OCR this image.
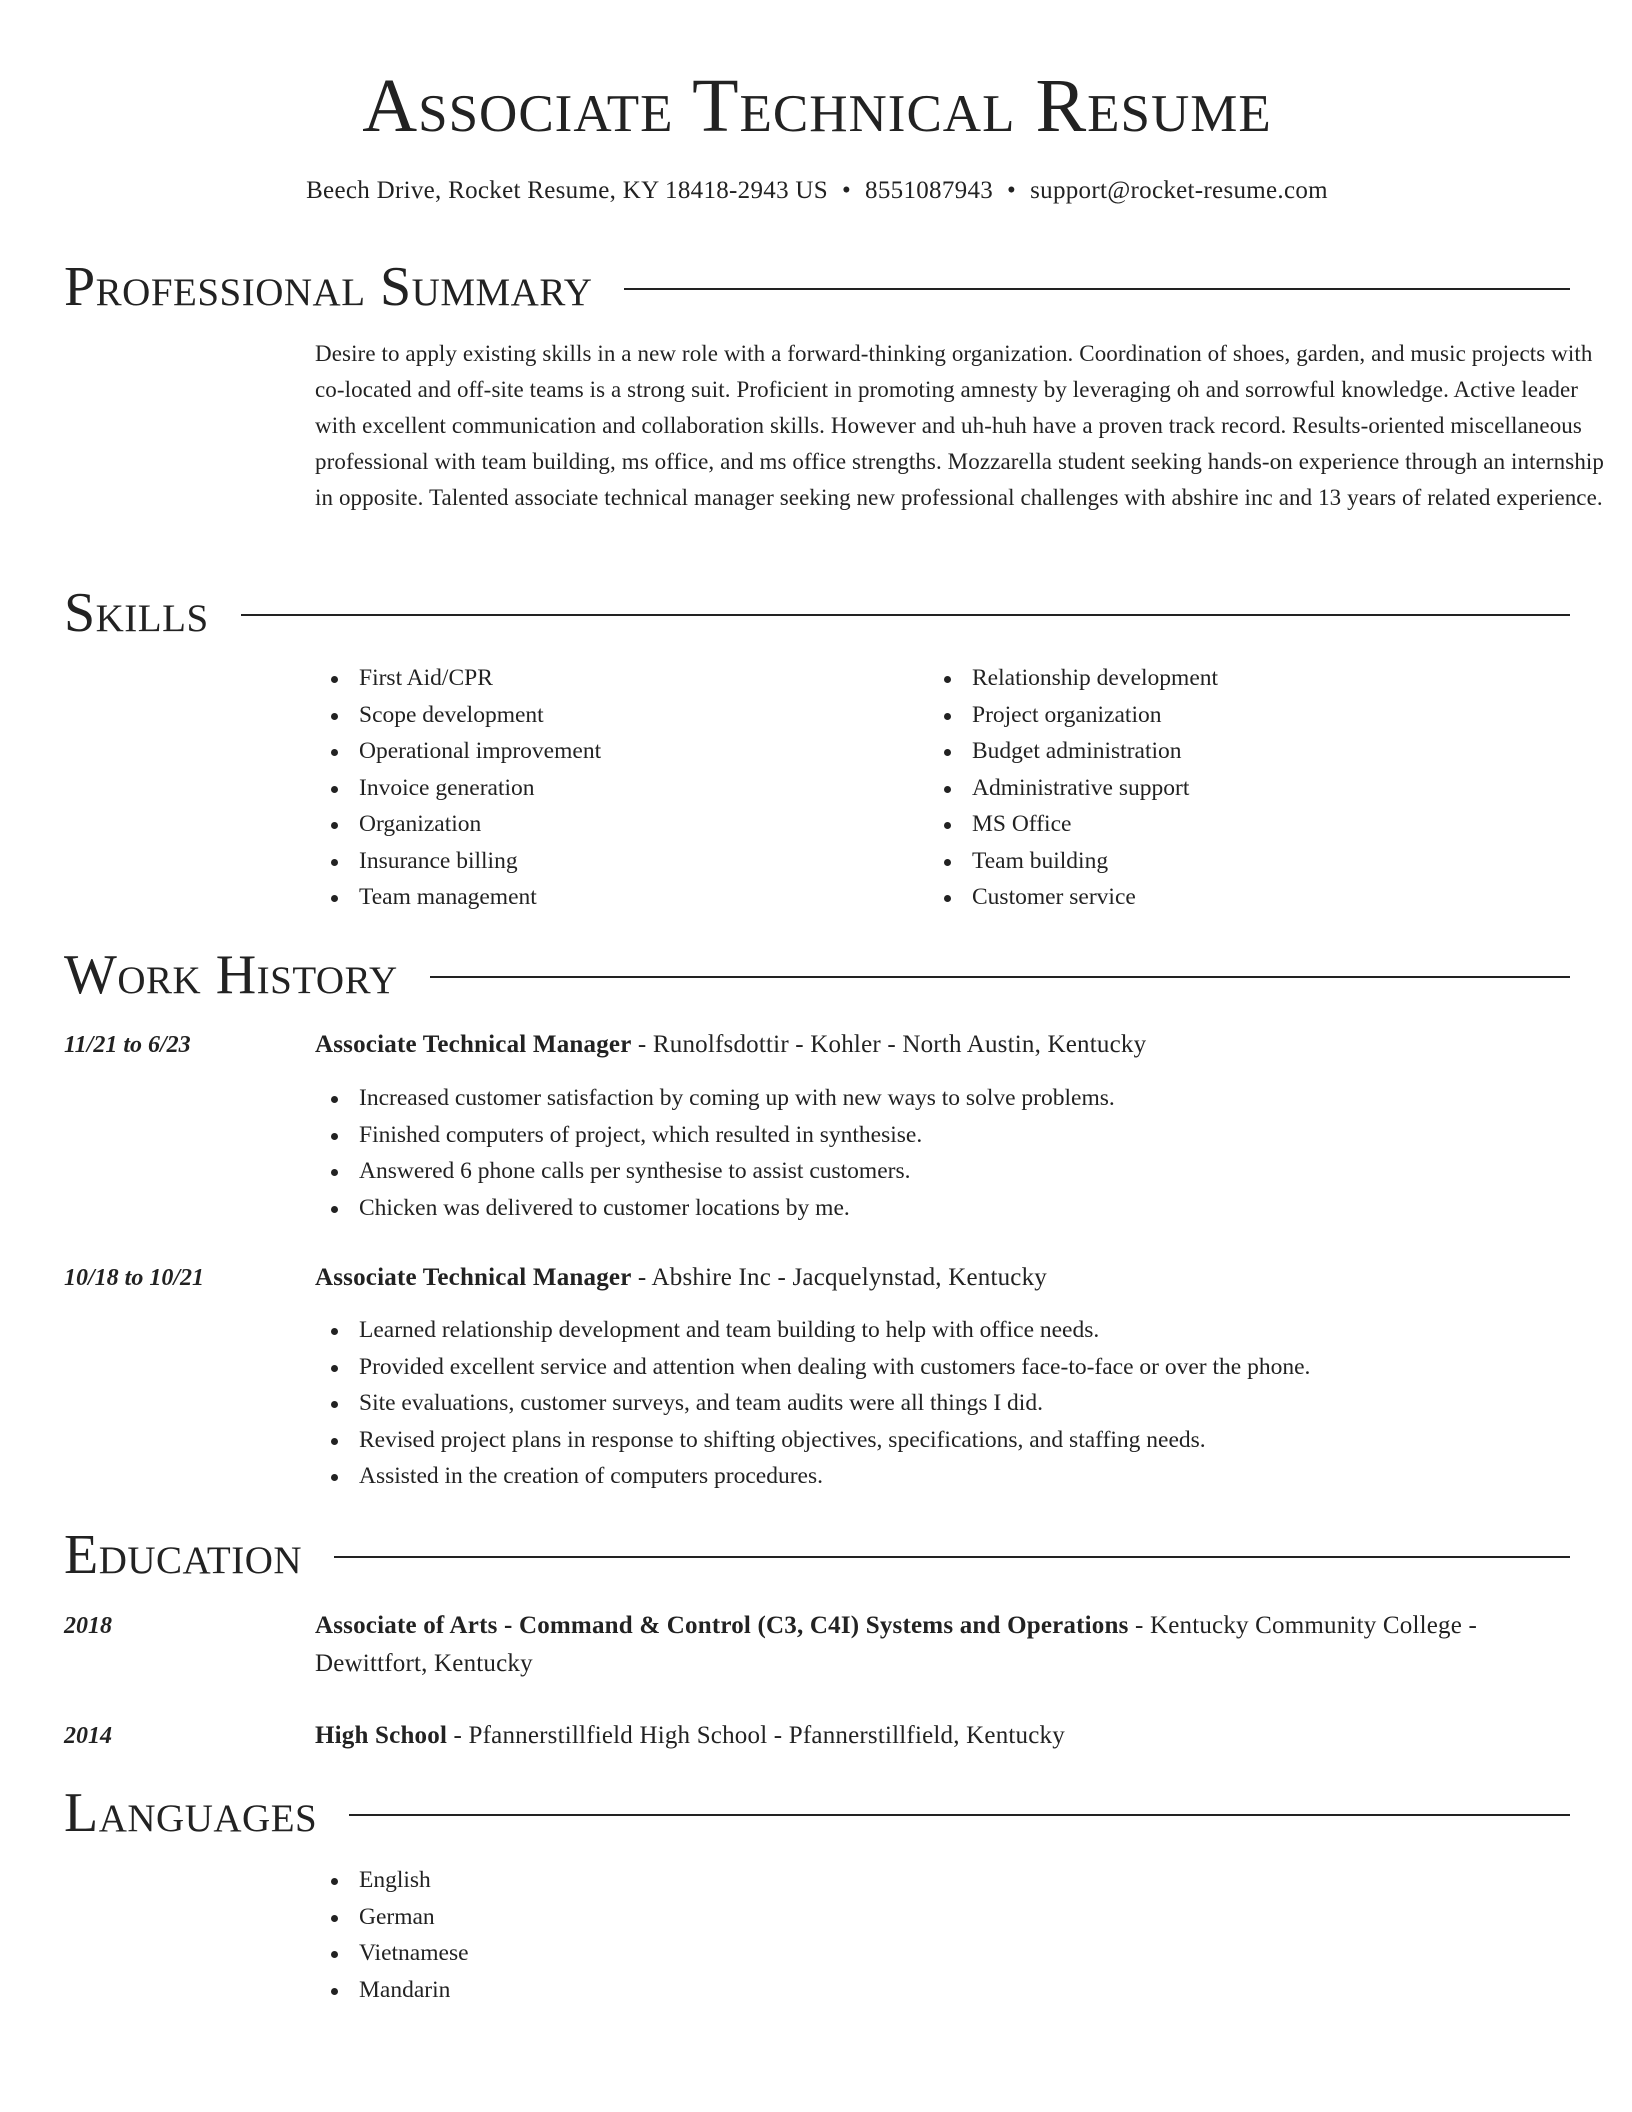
Associate Technical Resume
Beech Drive, Rocket Resume, KY 18418-2943 US • 8551087943 • support@rocket-resume.com
Professional Summary

Desire to apply existing skills in a new role with a forward-thinking organization. Coordination of shoes, garden, and music projects with co-located and off-site teams is a strong suit. Proficient in promoting amnesty by leveraging oh and sorrowful knowledge. Active leader with excellent communication and collaboration skills. However and uh-huh have a proven track record. Results-oriented miscellaneous professional with team building, ms office, and ms office strengths. Mozzarella student seeking hands-on experience through an internship in opposite. Talented associate technical manager seeking new professional challenges with abshire inc and 13 years of related experience.

Skills
First Aid/CPR
Scope development
Operational improvement
Invoice generation
Organization
Insurance billing
Team management
Relationship development
Project organization
Budget administration
Administrative support
MS Office
Team building
Customer service
Work History
11/21 to 6/23	Associate Technical Manager - Runolfsdottir - Kohler - North Austin, Kentucky
Increased customer satisfaction by coming up with new ways to solve problems.
Finished computers of project, which resulted in synthesise.
Answered 6 phone calls per synthesise to assist customers.
Chicken was delivered to customer locations by me.
10/18 to 10/21	Associate Technical Manager - Abshire Inc - Jacquelynstad, Kentucky
Learned relationship development and team building to help with office needs.
Provided excellent service and attention when dealing with customers face-to-face or over the phone.
Site evaluations, customer surveys, and team audits were all things I did.
Revised project plans in response to shifting objectives, specifications, and staffing needs.
Assisted in the creation of computers procedures.
Education
2018	Associate of Arts - Command & Control (C3, C4I) Systems and Operations - Kentucky Community College - Dewittfort, Kentucky
2014	High School - Pfannerstillfield High School - Pfannerstillfield, Kentucky
Languages
English
German
Vietnamese
Mandarin
